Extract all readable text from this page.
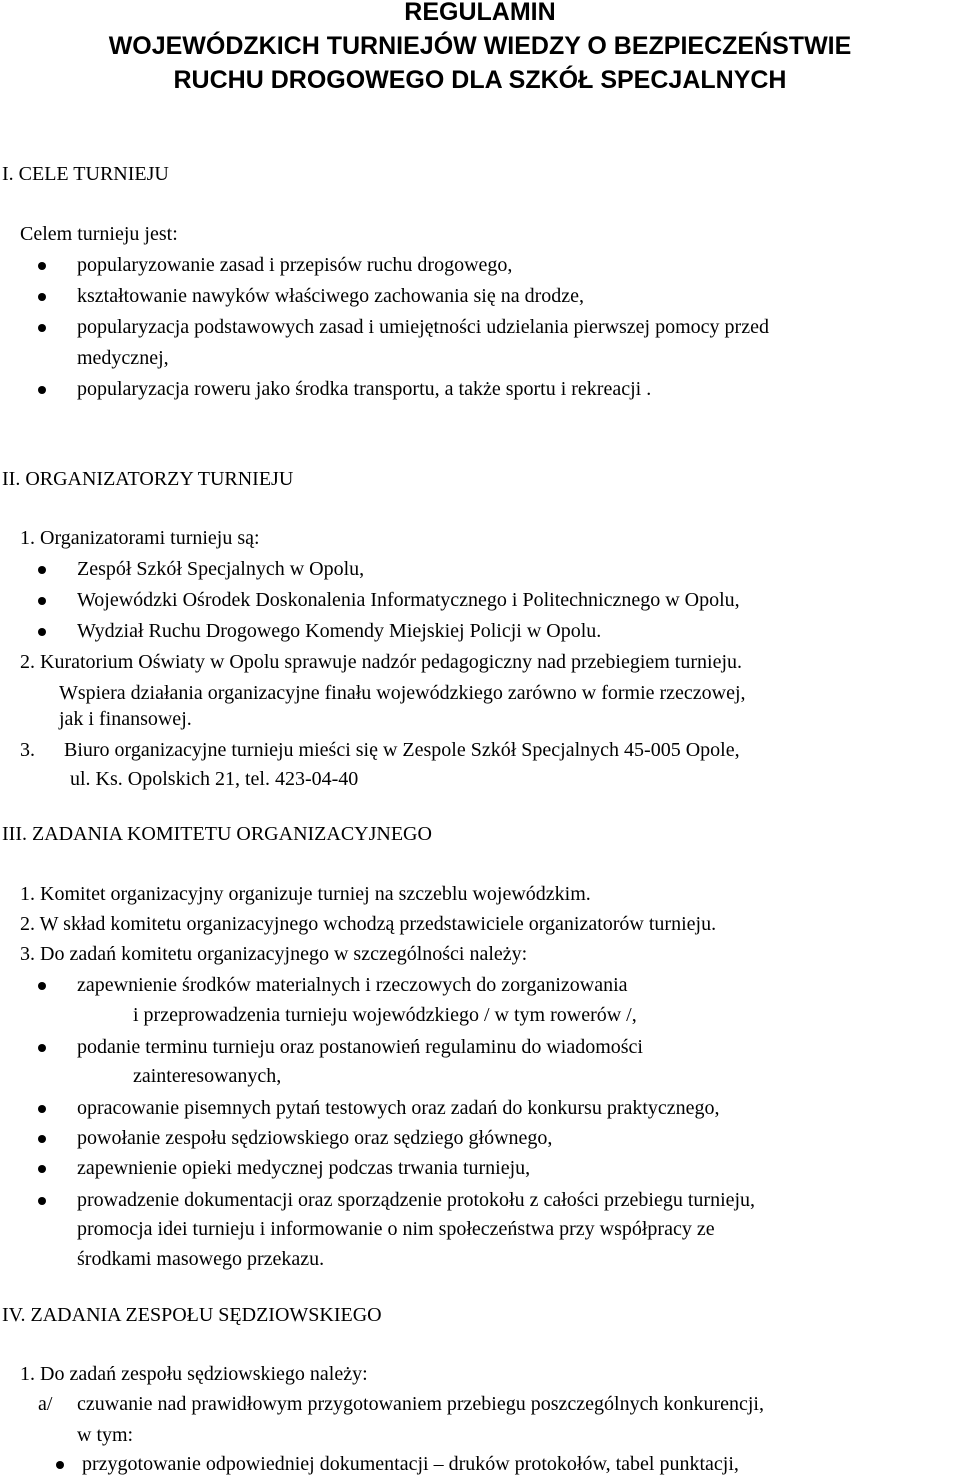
REGULAMIN
WOJEWÓDZKICH TURNIEJÓW WIEDZY O BEZPIECZEŃSTWIE
RUCHU DROGOWEGO DLA SZKÓŁ SPECJALNYCH
I. CELE TURNIEJU
Celem turnieju jest:
popularyzowanie zasad i przepisów ruchu drogowego,
kształtowanie nawyków właściwego zachowania się na drodze,
popularyzacja podstawowych zasad i umiejętności udzielania pierwszej pomocy przed
medycznej,
popularyzacja roweru jako środka transportu, a także sportu i rekreacji .
II. ORGANIZATORZY TURNIEJU
1. Organizatorami turnieju są:
Zespół Szkół Specjalnych w Opolu,
Wojewódzki Ośrodek Doskonalenia Informatycznego i Politechnicznego w Opolu,
Wydział Ruchu Drogowego Komendy Miejskiej Policji w Opolu.
2. Kuratorium Oświaty w Opolu sprawuje nadzór pedagogiczny nad przebiegiem turnieju.
Wspiera działania organizacyjne finału wojewódzkiego zarówno w formie rzeczowej,
jak i finansowej.
3. Biuro organizacyjne turnieju mieści się w Zespole Szkół Specjalnych 45-005 Opole,
ul. Ks. Opolskich 21, tel. 423-04-40
III. ZADANIA KOMITETU ORGANIZACYJNEGO
1. Komitet organizacyjny organizuje turniej na szczeblu wojewódzkim.
2. W skład komitetu organizacyjnego wchodzą przedstawiciele organizatorów turnieju.
3. Do zadań komitetu organizacyjnego w szczególności należy:
zapewnienie środków materialnych i rzeczowych do zorganizowania
i przeprowadzenia turnieju wojewódzkiego / w tym rowerów /,
podanie terminu turnieju oraz postanowień regulaminu do wiadomości
zainteresowanych,
opracowanie pisemnych pytań testowych oraz zadań do konkursu praktycznego,
powołanie zespołu sędziowskiego oraz sędziego głównego,
zapewnienie opieki medycznej podczas trwania turnieju,
prowadzenie dokumentacji oraz sporządzenie protokołu z całości przebiegu turnieju,
promocja idei turnieju i informowanie o nim społeczeństwa przy współpracy ze
środkami masowego przekazu.
IV. ZADANIA ZESPOŁU SĘDZIOWSKIEGO
1. Do zadań zespołu sędziowskiego należy:
a/ czuwanie nad prawidłowym przygotowaniem przebiegu poszczególnych konkurencji,
w tym:
przygotowanie odpowiedniej dokumentacji – druków protokołów, tabel punktacji,
